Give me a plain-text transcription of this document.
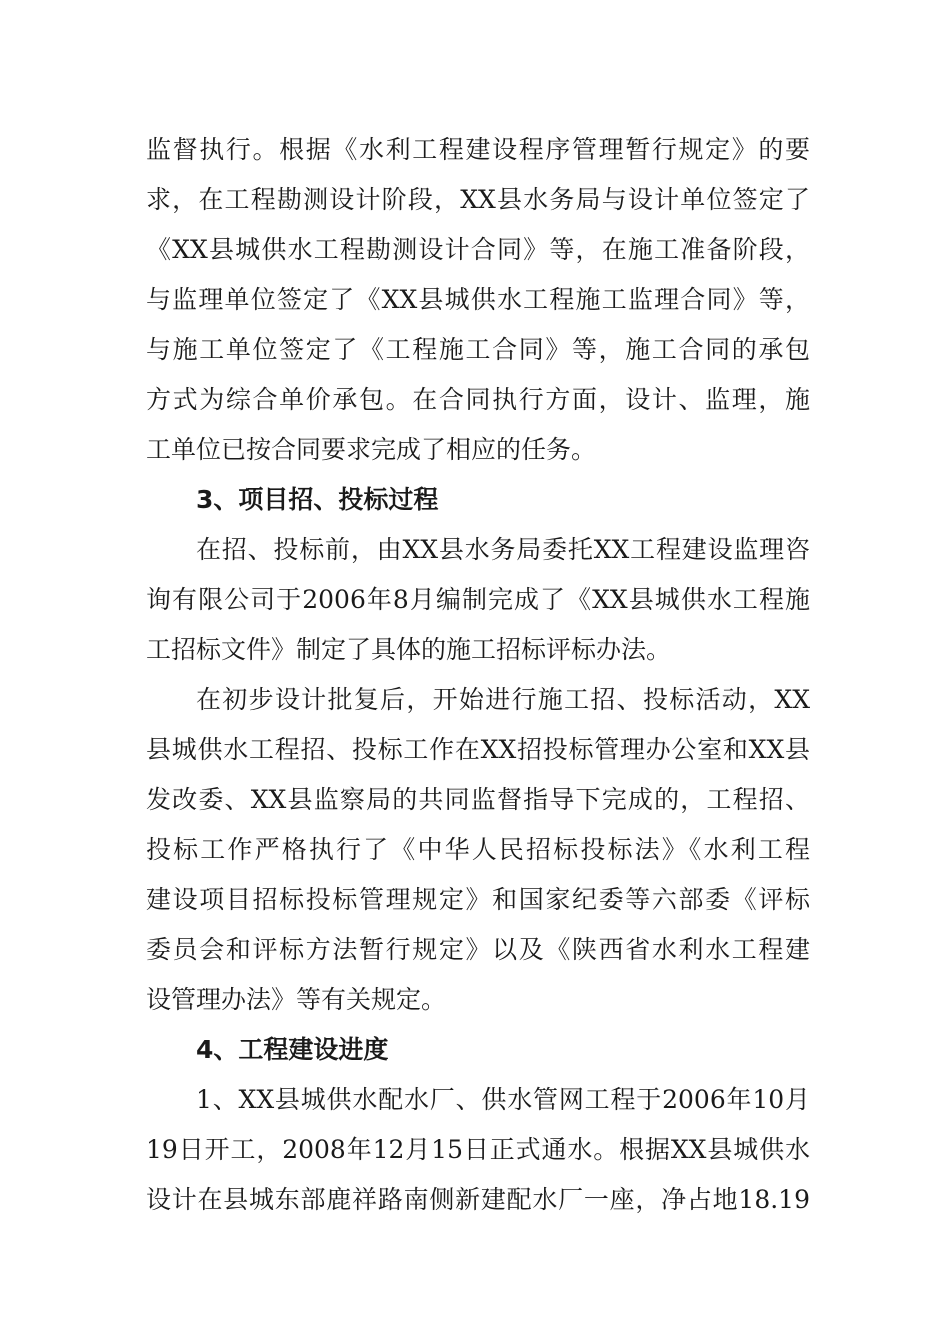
监督执行。根据《水利工程建设程序管理暂行规定》的要
求，在工程勘测设计阶段，XX县水务局与设计单位签定了
《XX县城供水工程勘测设计合同》等，在施工准备阶段，
与监理单位签定了《XX县城供水工程施工监理合同》等，
与施工单位签定了《工程施工合同》等，施工合同的承包
方式为综合单价承包。在合同执行方面，设计、监理，施
工单位已按合同要求完成了相应的任务。
3、项目招、投标过程
在招、投标前，由XX县水务局委托XX工程建设监理咨
询有限公司于2006年8月编制完成了《XX县城供水工程施
工招标文件》制定了具体的施工招标评标办法。
在初步设计批复后，开始进行施工招、投标活动，XX
县城供水工程招、投标工作在XX招投标管理办公室和XX县
发改委、XX县监察局的共同监督指导下完成的，工程招、
投标工作严格执行了《中华人民招标投标法》《水利工程
建设项目招标投标管理规定》和国家纪委等六部委《评标
委员会和评标方法暂行规定》以及《陕西省水利水工程建
设管理办法》等有关规定。
4、工程建设进度
1、XX县城供水配水厂、供水管网工程于2006年10月
19日开工，2008年12月15日正式通水。根据XX县城供水
设计在县城东部鹿祥路南侧新建配水厂一座，净占地18.19
